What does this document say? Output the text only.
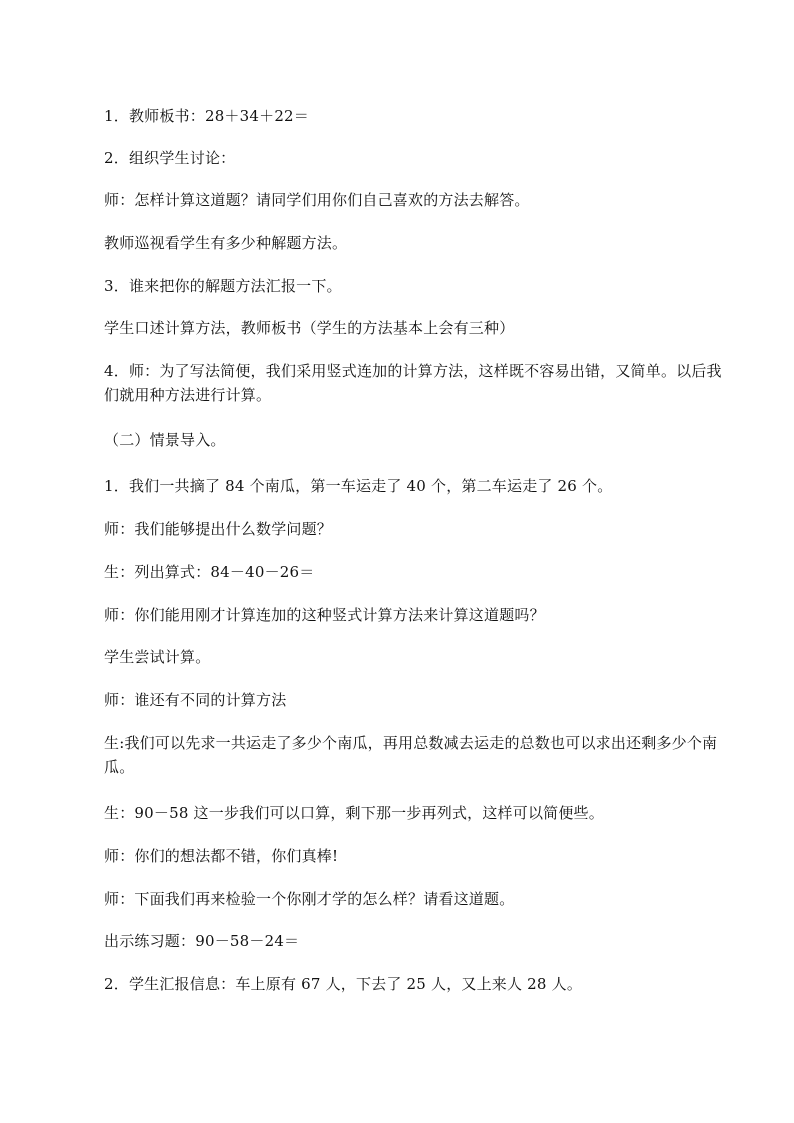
1．教师板书：28＋34＋22＝

2．组织学生讨论：

师：怎样计算这道题？请同学们用你们自己喜欢的方法去解答。

教师巡视看学生有多少种解题方法。

3．谁来把你的解题方法汇报一下。

学生口述计算方法，教师板书（学生的方法基本上会有三种）

4．师：为了写法简便，我们采用竖式连加的计算方法，这样既不容易出错，又简单。以后我们就用种方法进行计算。

（二）情景导入。

1．我们一共摘了 84 个南瓜，第一车运走了 40 个，第二车运走了 26 个。

师：我们能够提出什么数学问题？

生：列出算式：84－40－26＝

师：你们能用刚才计算连加的这种竖式计算方法来计算这道题吗？

学生尝试计算。

师：谁还有不同的计算方法

生:我们可以先求一共运走了多少个南瓜，再用总数减去运走的总数也可以求出还剩多少个南瓜。

生：90－58 这一步我们可以口算，剩下那一步再列式，这样可以简便些。

师：你们的想法都不错，你们真棒!

师：下面我们再来检验一个你刚才学的怎么样？请看这道题。

出示练习题：90－58－24＝

2．学生汇报信息：车上原有 67 人，下去了 25 人，又上来人 28 人。
